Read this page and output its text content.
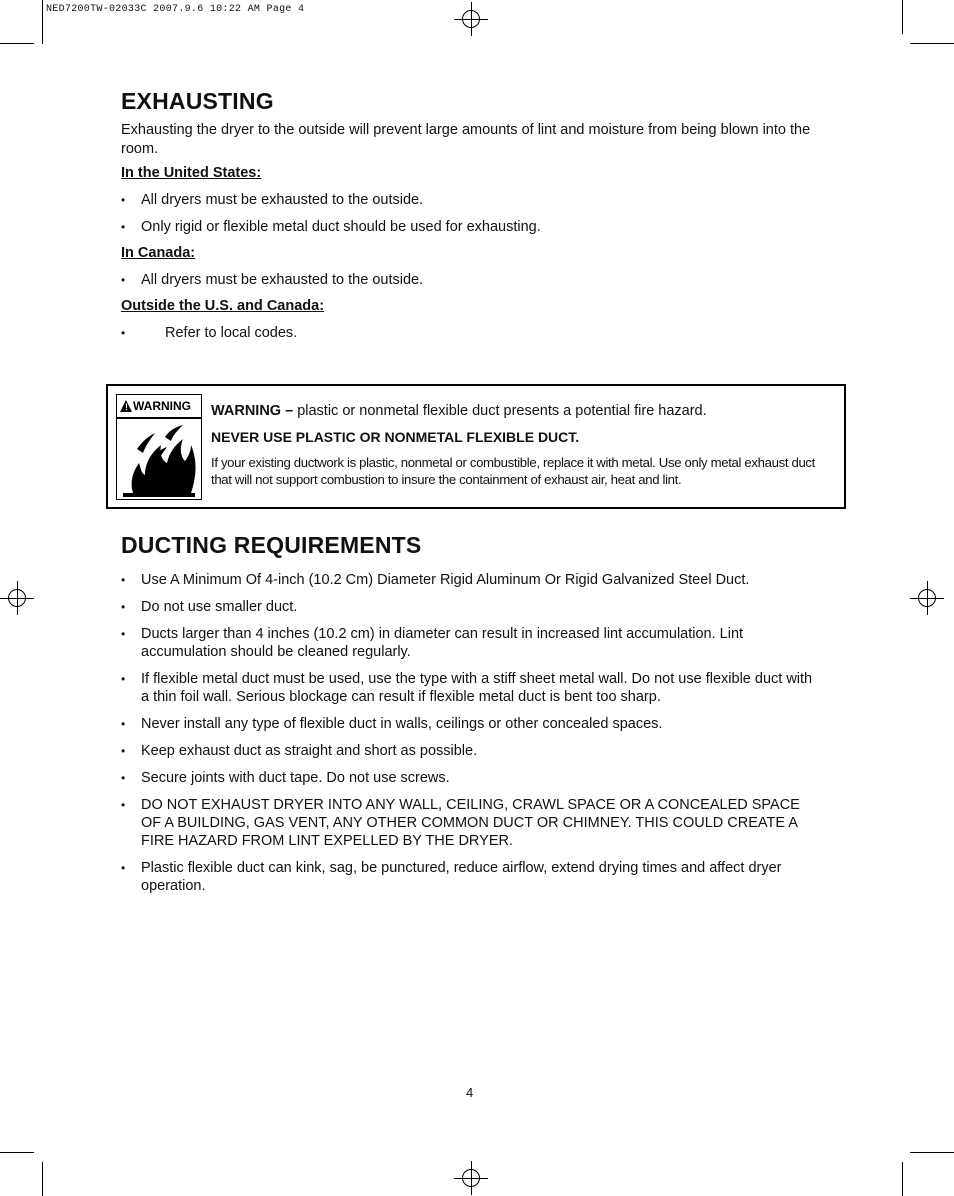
NED7200TW-02033C 2007.9.6 10:22 AM Page 4
EXHAUSTING

Exhausting the dryer to the outside will prevent large amounts of lint and moisture from being blown into the room.

In the United States:
• All dryers must be exhausted to the outside.
• Only rigid or flexible metal duct should be used for exhausting.
In Canada:
• All dryers must be exhausted to the outside.
Outside the U.S. and Canada:
• Refer to local codes.
! WARNING WARNING – plastic or nonmetal flexible duct presents a potential fire hazard.

NEVER USE PLASTIC OR NONMETAL FLEXIBLE DUCT.

If your existing ductwork is plastic, nonmetal or combustible, replace it with metal. Use only metal exhaust duct that will not support combustion to insure the containment of exhaust air, heat and lint.

DUCTING REQUIREMENTS
• Use A Minimum Of 4-inch (10.2 Cm) Diameter Rigid Aluminum Or Rigid Galvanized Steel Duct.
• Do not use smaller duct.
• Ducts larger than 4 inches (10.2 cm) in diameter can result in increased lint accumulation. Lint accumulation should be cleaned regularly.
• If flexible metal duct must be used, use the type with a stiff sheet metal wall. Do not use flexible duct with a thin foil wall. Serious blockage can result if flexible metal duct is bent too sharp.
• Never install any type of flexible duct in walls, ceilings or other concealed spaces.
• Keep exhaust duct as straight and short as possible.
• Secure joints with duct tape. Do not use screws.
• DO NOT EXHAUST DRYER INTO ANY WALL, CEILING, CRAWL SPACE OR A CONCEALED SPACE OF A BUILDING, GAS VENT, ANY OTHER COMMON DUCT OR CHIMNEY. THIS COULD CREATE A FIRE HAZARD FROM LINT EXPELLED BY THE DRYER.
• Plastic flexible duct can kink, sag, be punctured, reduce airflow, extend drying times and affect dryer operation.
4
